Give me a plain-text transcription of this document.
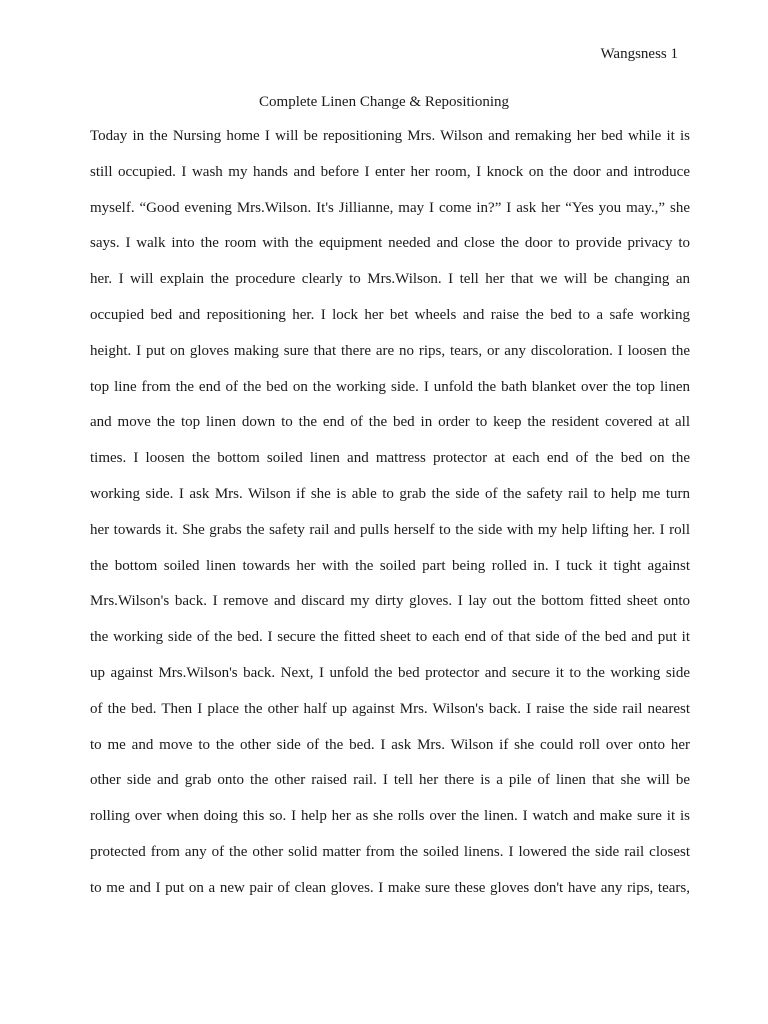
Wangsness 1
Complete Linen Change & Repositioning
Today in the Nursing home I will be repositioning Mrs. Wilson and remaking her bed while it is
still occupied. I wash my hands and before I enter her room, I knock on the door and introduce
myself. “Good evening Mrs.Wilson. It's Jillianne, may I come in?” I ask her “Yes you may.,” she
says. I walk into the room with the equipment needed and close the door to provide privacy to
her. I will explain the procedure clearly to Mrs.Wilson. I tell her that we will be changing an
occupied bed and repositioning her. I lock her bet wheels and raise the bed to a safe working
height. I put on gloves making sure that there are no rips, tears, or any discoloration. I loosen the
top line from the end of the bed on the working side. I unfold the bath blanket over the top linen
and move the top linen down to the end of the bed in order to keep the resident covered at all
times. I loosen the bottom soiled linen and mattress protector at each end of the bed on the
working side. I ask Mrs. Wilson if she is able to grab the side of the safety rail to help me turn
her towards it. She grabs the safety rail and pulls herself to the side with my help lifting her. I roll
the bottom soiled linen towards her with the soiled part being rolled in. I tuck it tight against
Mrs.Wilson's back. I remove and discard my dirty gloves. I lay out the bottom fitted sheet onto
the working side of the bed. I secure the fitted sheet to each end of that side of the bed and put it
up against Mrs.Wilson's back. Next, I unfold the bed protector and secure it to the working side
of the bed. Then I place the other half up against Mrs. Wilson's back. I raise the side rail nearest
to me and move to the other side of the bed. I ask Mrs. Wilson if she could roll over onto her
other side and grab onto the other raised rail. I tell her there is a pile of linen that she will be
rolling over when doing this so. I help her as she rolls over the linen. I watch and make sure it is
protected from any of the other solid matter from the soiled linens. I lowered the side rail closest
to me and I put on a new pair of clean gloves. I make sure these gloves don't have any rips, tears,
